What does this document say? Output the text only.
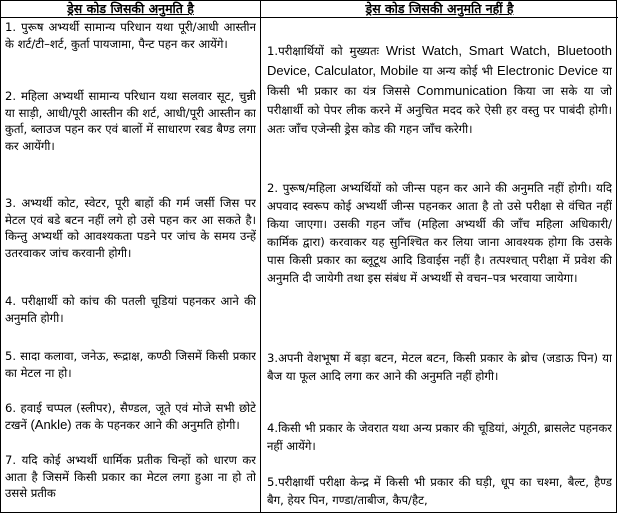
ड्रेस कोड जिसकी अनुमति है
1. पुरूष अभ्यर्थी सामान्य परिधान यथा पूरी/आधी आस्तीन के शर्ट/टी–शर्ट, कुर्ता पायजामा, पैन्ट पहन कर आयेंगे।
2. महिला अभ्यर्थी सामान्य परिधान यथा सलवार सूट, चुन्नी या साड़ी, आधी/पूरी आस्तीन की शर्ट, आधी/पूरी आस्तीन का कुर्ता, ब्लाउज पहन कर एवं बालों में साधारण रबड बैण्ड लगा कर आयेंगी।
3. अभ्यर्थी कोट, स्वेटर, पूरी बाहों की गर्म जर्सी जिस पर मेटल एवं बडे बटन नहीं लगे हो उसे पहन कर आ सकते है। किन्तु अभ्यर्थी को आवश्यकता पडने पर जांच के समय उन्हें उतरवाकर जांच करवानी होगी।
4. परीक्षार्थी को कांच की पतली चूडियां पहनकर आने की अनुमति होगी।
5. सादा कलावा, जनेऊ, रूद्राक्ष, कण्ठी जिसमें किसी प्रकार का मेटल ना हो।
6. हवाई चप्पल (स्लीपर), सैण्डल, जूते एवं मोजे सभी छोटे टखनें (Ankle) तक के पहनकर आने की अनुमति होगी।
7. यदि कोई अभ्यर्थी धार्मिक प्रतीक चिन्हों को धारण कर आता है जिसमें किसी प्रकार का मेटल लगा हुआ ना हो तो उससे प्रतीक
ड्रेस कोड जिसकी अनुमति नहीं है
1.परीक्षार्थियों को मुख्यतः Wrist Watch, Smart Watch, Bluetooth Device, Calculator, Mobile या अन्य कोई भी Electronic Device या किसी भी प्रकार का यंत्र जिससे Communication किया जा सके या जो परीक्षार्थी को पेपर लीक करने में अनुचित मदद करे ऐसी हर वस्तु पर पाबंदी होगी। अतः जाँच एजेन्सी ड्रेस कोड की गहन जाँच करेगी।
2. पुरूष/महिला अभ्यर्थियों को जीन्स पहन कर आने की अनुमति नहीं होगी। यदि अपवाद स्वरूप कोई अभ्यर्थी जीन्स पहनकर आता है तो उसे परीक्षा से वंचित नहीं किया जाएगा। उसकी गहन जाँच (महिला अभ्यर्थी की जाँच महिला अधिकारी/कार्मिक द्वारा) करवाकर यह सुनिश्चित कर लिया जाना आवश्यक होगा कि उसके पास किसी प्रकार का ब्लूटूथ आदि डिवाईस नहीं है। तत्पश्चात् परीक्षा में प्रवेश की अनुमति दी जायेगी तथा इस संबंध में अभ्यर्थी से वचन–पत्र भरवाया जायेगा।
3.अपनी वेशभूषा में बड़ा बटन, मेटल बटन, किसी प्रकार के ब्रोच (जडाऊ पिन) या बैज या फूल आदि लगा कर आने की अनुमति नहीं होगी।
4.किसी भी प्रकार के जेवरात यथा अन्य प्रकार की चूडियां, अंगूठी, ब्रासलेट पहनकर नहीं आयेंगे।
5.परीक्षार्थी परीक्षा केन्द्र में किसी भी प्रकार की घड़ी, धूप का चश्मा, बैल्ट, हैण्ड बैग, हेयर पिन, गण्डा/ताबीज, कैप/हैट,
